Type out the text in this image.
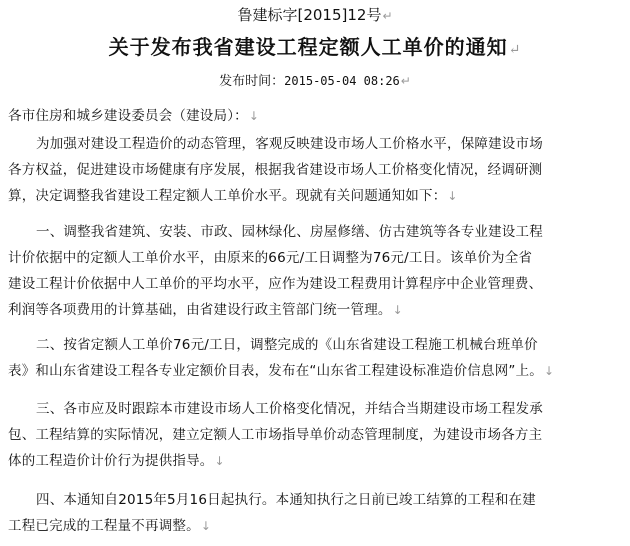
鲁建标字[2015]12号↵
关于发布我省建设工程定额人工单价的通知↵
发布时间：2015-05-04 08:26↵
各市住房和城乡建设委员会（建设局）：↓
为加强对建设工程造价的动态管理，客观反映建设市场人工价格水平，保障建设市场
各方权益，促进建设市场健康有序发展，根据我省建设市场人工价格变化情况，经调研测
算，决定调整我省建设工程定额人工单价水平。现就有关问题通知如下：↓
一、调整我省建筑、安装、市政、园林绿化、房屋修缮、仿古建筑等各专业建设工程
计价依据中的定额人工单价水平，由原来的66元/工日调整为76元/工日。该单价为全省
建设工程计价依据中人工单价的平均水平，应作为建设工程费用计算程序中企业管理费、
利润等各项费用的计算基础，由省建设行政主管部门统一管理。↓
二、按省定额人工单价76元/工日，调整完成的《山东省建设工程施工机械台班单价
表》和山东省建设工程各专业定额价目表，发布在“山东省工程建设标准造价信息网”上。↓
三、各市应及时跟踪本市建设市场人工价格变化情况，并结合当期建设市场工程发承
包、工程结算的实际情况，建立定额人工市场指导单价动态管理制度，为建设市场各方主
体的工程造价计价行为提供指导。↓
四、本通知自2015年5月16日起执行。本通知执行之日前已竣工结算的工程和在建
工程已完成的工程量不再调整。↓
